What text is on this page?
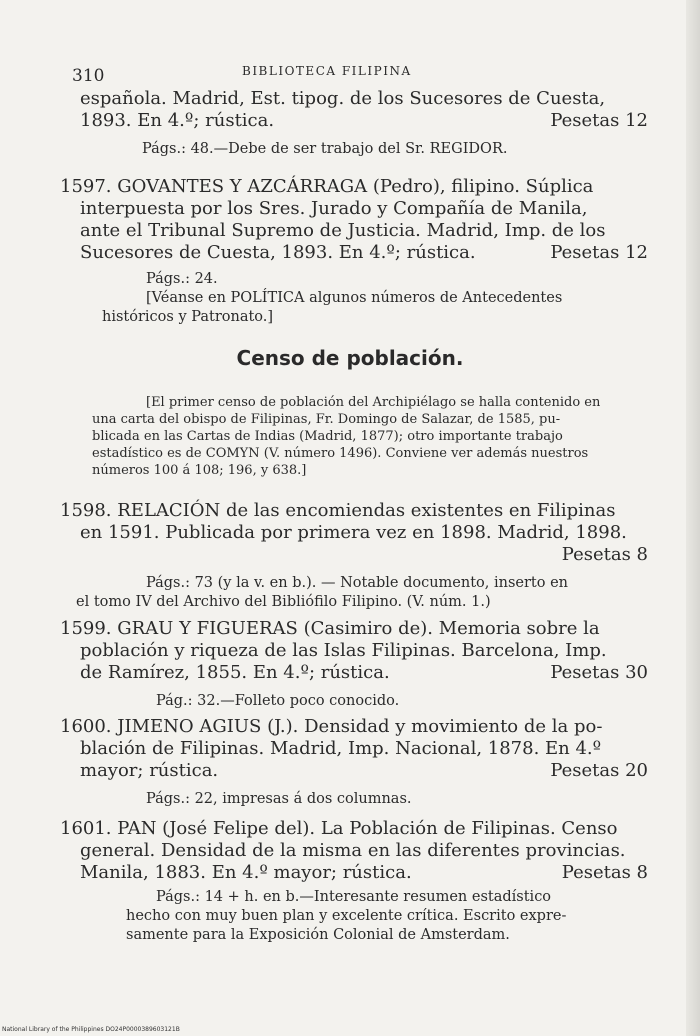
310	BIBLIOTECA FILIPINA

española. Madrid, Est. tipog. de los Sucesores de Cuesta,

1893. En 4.º; rústica.	Pesetas 12

Págs.: 48.—Debe de ser trabajo del Sr. REGIDOR.

1597. GOVANTES Y AZCÁRRAGA (Pedro), filipino. Súplica

interpuesta por los Sres. Jurado y Compañía de Manila,

ante el Tribunal Supremo de Justicia. Madrid, Imp. de los

Sucesores de Cuesta, 1893. En 4.º; rústica.	Pesetas 12

Págs.: 24.

[Véanse en POLÍTICA algunos números de Antecedentes

históricos y Patronato.]

Censo de población.

[El primer censo de población del Archipiélago se halla contenido en

una carta del obispo de Filipinas, Fr. Domingo de Salazar, de 1585, pu-

blicada en las Cartas de Indias (Madrid, 1877); otro importante trabajo

estadístico es de COMYN (V. número 1496). Conviene ver además nuestros

números 100 á 108; 196, y 638.]

1598. RELACIÓN de las encomiendas existentes en Filipinas

en 1591. Publicada por primera vez en 1898. Madrid, 1898.

Pesetas 8

Págs.: 73 (y la v. en b.). — Notable documento, inserto en

el tomo IV del Archivo del Bibliófilo Filipino. (V. núm. 1.)

1599. GRAU Y FIGUERAS (Casimiro de). Memoria sobre la

población y riqueza de las Islas Filipinas. Barcelona, Imp.

de Ramírez, 1855. En 4.º; rústica.	Pesetas 30

Pág.: 32.—Folleto poco conocido.

1600. JIMENO AGIUS (J.). Densidad y movimiento de la po-

blación de Filipinas. Madrid, Imp. Nacional, 1878. En 4.º

mayor; rústica.	Pesetas 20

Págs.: 22, impresas á dos columnas.

1601. PAN (José Felipe del). La Población de Filipinas. Censo

general. Densidad de la misma en las diferentes provincias.

Manila, 1883. En 4.º mayor; rústica.	Pesetas 8

Págs.: 14 + h. en b.—Interesante resumen estadístico

hecho con muy buen plan y excelente crítica. Escrito expre-

samente para la Exposición Colonial de Amsterdam.

National Library of the Philippines DO24P0000389603121B
